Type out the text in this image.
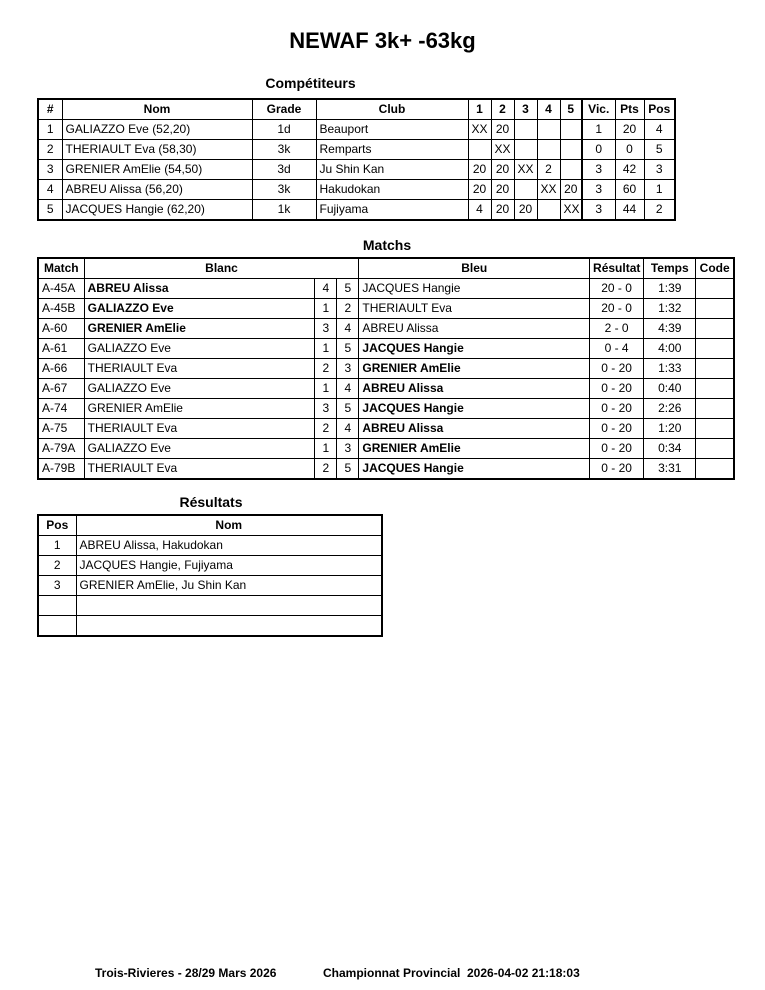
NEWAF 3k+ -63kg
Compétiteurs
#	Nom	Grade	Club	1	2	3	4	5	Vic.	Pts	Pos
1	GALIAZZO Eve (52,20)	1d	Beauport	XX	20				1	20	4
2	THERIAULT Eva (58,30)	3k	Remparts		XX				0	0	5
3	GRENIER AmElie (54,50)	3d	Ju Shin Kan	20	20	XX	2		3	42	3
4	ABREU Alissa (56,20)	3k	Hakudokan	20	20		XX	20	3	60	1
5	JACQUES Hangie (62,20)	1k	Fujiyama	4	20	20		XX	3	44	2
Matchs
Match	Blanc			Bleu	Résultat	Temps	Code
A-45A	ABREU Alissa	4	5	JACQUES Hangie	20 - 0	1:39	
A-45B	GALIAZZO Eve	1	2	THERIAULT Eva	20 - 0	1:32	
A-60	GRENIER AmElie	3	4	ABREU Alissa	2 - 0	4:39	
A-61	GALIAZZO Eve	1	5	JACQUES Hangie	0 - 4	4:00	
A-66	THERIAULT Eva	2	3	GRENIER AmElie	0 - 20	1:33	
A-67	GALIAZZO Eve	1	4	ABREU Alissa	0 - 20	0:40	
A-74	GRENIER AmElie	3	5	JACQUES Hangie	0 - 20	2:26	
A-75	THERIAULT Eva	2	4	ABREU Alissa	0 - 20	1:20	
A-79A	GALIAZZO Eve	1	3	GRENIER AmElie	0 - 20	0:34	
A-79B	THERIAULT Eva	2	5	JACQUES Hangie	0 - 20	3:31	
Résultats
Pos	Nom
1	ABREU Alissa, Hakudokan
2	JACQUES Hangie, Fujiyama
3	GRENIER AmElie, Ju Shin Kan

Trois-Rivieres - 28/29 Mars 2026	Championnat Provincial 2026-04-02 21:18:03
